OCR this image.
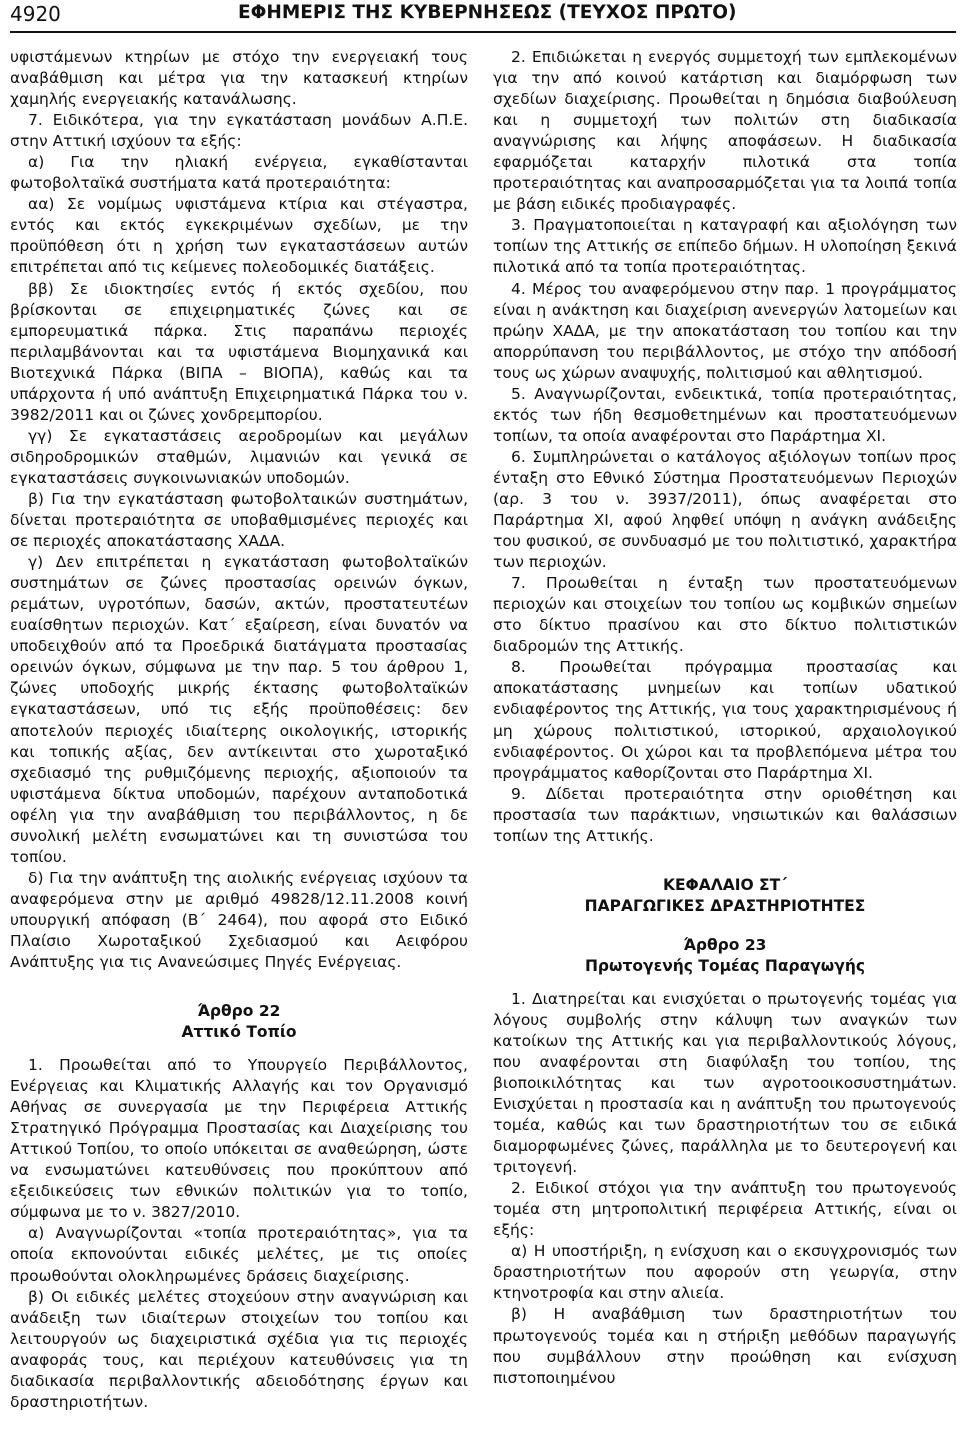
4920	ΕΦΗΜΕΡΙΣ ΤΗΣ ΚΥΒΕΡΝΗΣΕΩΣ (ΤΕΥΧΟΣ ΠΡΩΤΟ)

υφιστάμενων κτηρίων με στόχο την ενεργειακή τους αναβάθμιση και μέτρα για την κατασκευή κτηρίων χαμηλής ενεργειακής κατανάλωσης.

7. Ειδικότερα, για την εγκατάσταση μονάδων Α.Π.Ε. στην Αττική ισχύουν τα εξής:

α) Για την ηλιακή ενέργεια, εγκαθίστανται φωτοβολταϊκά συστήματα κατά προτεραιότητα:

αα) Σε νομίμως υφιστάμενα κτίρια και στέγαστρα, εντός και εκτός εγκεκριμένων σχεδίων, με την προϋπόθεση ότι η χρήση των εγκαταστάσεων αυτών επιτρέπεται από τις κείμενες πολεοδομικές διατάξεις.

ββ) Σε ιδιοκτησίες εντός ή εκτός σχεδίου, που βρίσκονται σε επιχειρηματικές ζώνες και σε εμπορευματικά πάρκα. Στις παραπάνω περιοχές περιλαμβάνονται και τα υφιστάμενα Βιομηχανικά και Βιοτεχνικά Πάρκα (ΒΙΠΑ – ΒΙΟΠΑ), καθώς και τα υπάρχοντα ή υπό ανάπτυξη Επιχειρηματικά Πάρκα του ν. 3982/2011 και οι ζώνες χονδρεμπορίου.

γγ) Σε εγκαταστάσεις αεροδρομίων και μεγάλων σιδηροδρομικών σταθμών, λιμανιών και γενικά σε εγκαταστάσεις συγκοινωνιακών υποδομών.

β) Για την εγκατάσταση φωτοβολταικών συστημάτων, δίνεται προτεραιότητα σε υποβαθμισμένες περιοχές και σε περιοχές αποκατάστασης ΧΑΔΑ.

γ) Δεν επιτρέπεται η εγκατάσταση φωτοβολταϊκών συστημάτων σε ζώνες προστασίας ορεινών όγκων, ρεμάτων, υγροτόπων, δασών, ακτών, προστατευτέων ευαίσθητων περιοχών. Κατ΄ εξαίρεση, είναι δυνατόν να υποδειχθούν από τα Προεδρικά διατάγματα προστασίας ορεινών όγκων, σύμφωνα με την παρ. 5 του άρθρου 1, ζώνες υποδοχής μικρής έκτασης φωτοβολταϊκών εγκαταστάσεων, υπό τις εξής προϋποθέσεις: δεν αποτελούν περιοχές ιδιαίτερης οικολογικής, ιστορικής και τοπικής αξίας, δεν αντίκεινται στο χωροταξικό σχεδιασμό της ρυθμιζόμενης περιοχής, αξιοποιούν τα υφιστάμενα δίκτυα υποδομών, παρέχουν ανταποδοτικά οφέλη για την αναβάθμιση του περιβάλλοντος, η δε συνολική μελέτη ενσωματώνει και τη συνιστώσα του τοπίου.

δ) Για την ανάπτυξη της αιολικής ενέργειας ισχύουν τα αναφερόμενα στην με αριθμό 49828/12.11.2008 κοινή υπουργική απόφαση (Β΄ 2464), που αφορά στο Ειδικό Πλαίσιο Χωροταξικού Σχεδιασμού και Αειφόρου Ανάπτυξης για τις Ανανεώσιμες Πηγές Ενέργειας.

Άρθρο 22
Αττικό Τοπίο

1. Προωθείται από το Υπουργείο Περιβάλλοντος, Ενέργειας και Κλιματικής Αλλαγής και τον Οργανισμό Αθήνας σε συνεργασία με την Περιφέρεια Αττικής Στρατηγικό Πρόγραμμα Προστασίας και Διαχείρισης του Αττικού Τοπίου, το οποίο υπόκειται σε αναθεώρηση, ώστε να ενσωματώνει κατευθύνσεις που προκύπτουν από εξειδικεύσεις των εθνικών πολιτικών για το τοπίο, σύμφωνα με το ν. 3827/2010.

α) Αναγνωρίζονται «τοπία προτεραιότητας», για τα οποία εκπονούνται ειδικές μελέτες, με τις οποίες προωθούνται ολοκληρωμένες δράσεις διαχείρισης.

β) Οι ειδικές μελέτες στοχεύουν στην αναγνώριση και ανάδειξη των ιδιαίτερων στοιχείων του τοπίου και λειτουργούν ως διαχειριστικά σχέδια για τις περιοχές αναφοράς τους, και περιέχουν κατευθύνσεις για τη διαδικασία περιβαλλοντικής αδειοδότησης έργων και δραστηριοτήτων.

2. Επιδιώκεται η ενεργός συμμετοχή των εμπλεκομένων για την από κοινού κατάρτιση και διαμόρφωση των σχεδίων διαχείρισης. Προωθείται η δημόσια διαβούλευση και η συμμετοχή των πολιτών στη διαδικασία αναγνώρισης και λήψης αποφάσεων. Η διαδικασία εφαρμόζεται καταρχήν πιλοτικά στα τοπία προτεραιότητας και αναπροσαρμόζεται για τα λοιπά τοπία με βάση ειδικές προδιαγραφές.

3. Πραγματοποιείται η καταγραφή και αξιολόγηση των τοπίων της Αττικής σε επίπεδο δήμων. Η υλοποίηση ξεκινά πιλοτικά από τα τοπία προτεραιότητας.

4. Μέρος του αναφερόμενου στην παρ. 1 προγράμματος είναι η ανάκτηση και διαχείριση ανενεργών λατομείων και πρώην ΧΑΔΑ, με την αποκατάσταση του τοπίου και την απορρύπανση του περιβάλλοντος, με στόχο την απόδοσή τους ως χώρων αναψυχής, πολιτισμού και αθλητισμού.

5. Αναγνωρίζονται, ενδεικτικά, τοπία προτεραιότητας, εκτός των ήδη θεσμοθετημένων και προστατευόμενων τοπίων, τα οποία αναφέρονται στο Παράρτημα ΧΙ.

6. Συμπληρώνεται ο κατάλογος αξιόλογων τοπίων προς ένταξη στο Εθνικό Σύστημα Προστατευόμενων Περιοχών (αρ. 3 του ν. 3937/2011), όπως αναφέρεται στο Παράρτημα ΧΙ, αφού ληφθεί υπόψη η ανάγκη ανάδειξης του φυσικού, σε συνδυασμό με του πολιτιστικό, χαρακτήρα των περιοχών.

7. Προωθείται η ένταξη των προστατευόμενων περιοχών και στοιχείων του τοπίου ως κομβικών σημείων στο δίκτυο πρασίνου και στο δίκτυο πολιτιστικών διαδρομών της Αττικής.

8. Προωθείται πρόγραμμα προστασίας και αποκατάστασης μνημείων και τοπίων υδατικού ενδιαφέροντος της Αττικής, για τους χαρακτηρισμένους ή μη χώρους πολιτιστικού, ιστορικού, αρχαιολογικού ενδιαφέροντος. Οι χώροι και τα προβλεπόμενα μέτρα του προγράμματος καθορίζονται στο Παράρτημα ΧΙ.

9. Δίδεται προτεραιότητα στην οριοθέτηση και προστασία των παράκτιων, νησιωτικών και θαλάσσιων τοπίων της Αττικής.

ΚΕΦΑΛΑΙΟ ΣΤ΄
ΠΑΡΑΓΩΓΙΚΕΣ ΔΡΑΣΤΗΡΙΟΤΗΤΕΣ
Άρθρο 23
Πρωτογενής Τομέας Παραγωγής

1. Διατηρείται και ενισχύεται ο πρωτογενής τομέας για λόγους συμβολής στην κάλυψη των αναγκών των κατοίκων της Αττικής και για περιβαλλοντικούς λόγους, που αναφέρονται στη διαφύλαξη του τοπίου, της βιοποικιλότητας και των αγροτοοικοσυστημάτων. Ενισχύεται η προστασία και η ανάπτυξη του πρωτογενούς τομέα, καθώς και των δραστηριοτήτων του σε ειδικά διαμορφωμένες ζώνες, παράλληλα με το δευτερογενή και τριτογενή.

2. Ειδικοί στόχοι για την ανάπτυξη του πρωτογενούς τομέα στη μητροπολιτική περιφέρεια Αττικής, είναι οι εξής:

α) Η υποστήριξη, η ενίσχυση και ο εκσυγχρονισμός των δραστηριοτήτων που αφορούν στη γεωργία, στην κτηνοτροφία και στην αλιεία.

β) Η αναβάθμιση των δραστηριοτήτων του πρωτογενούς τομέα και η στήριξη μεθόδων παραγωγής που συμβάλλουν στην προώθηση και ενίσχυση πιστοποιημένου
